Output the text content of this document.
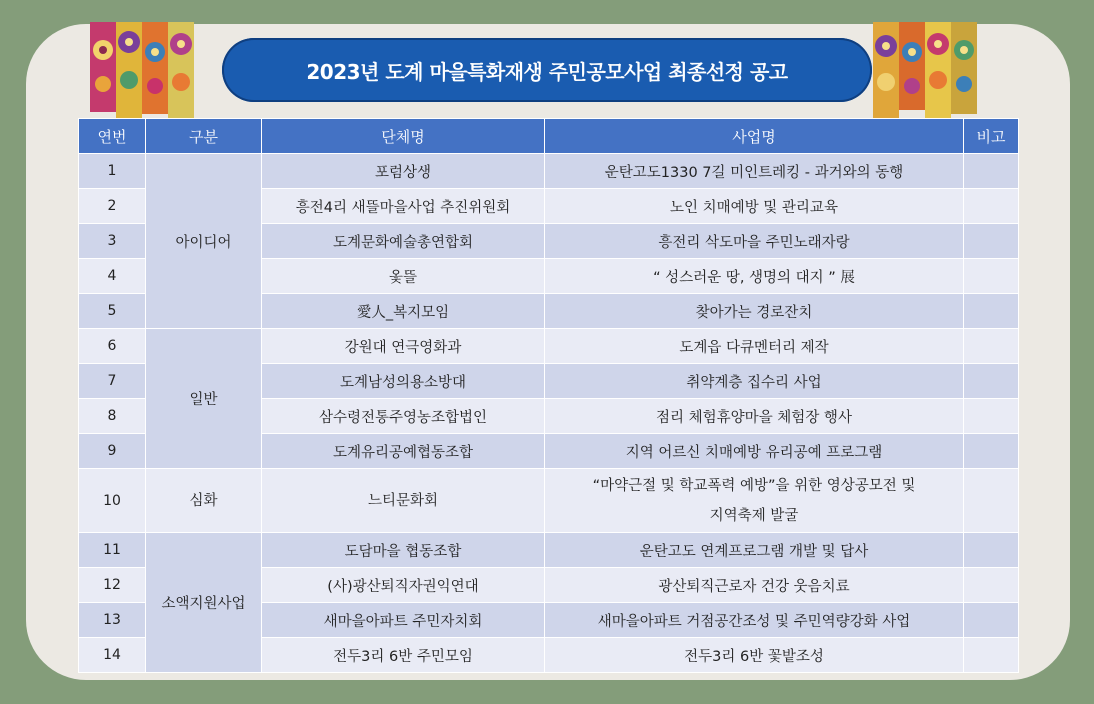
2023년 도계 마을특화재생 주민공모사업 최종선정 공고
연번	구분	단체명	사업명	비고
1	아이디어	포럼상생	운탄고도1330 7길 미인트레킹 - 과거와의 동행	
2		흥전4리 새뜰마을사업 추진위원회	노인 치매예방 및 관리교육	
3		도계문화예술총연합회	흥전리 삭도마을 주민노래자랑	
4		옻뜰	“ 성스러운 땅, 생명의 대지 ” 展	
5		愛人_복지모임	찾아가는 경로잔치	
6	일반	강원대 연극영화과	도계읍 다큐멘터리 제작	
7		도계남성의용소방대	취약계층 집수리 사업	
8		삼수령전통주영농조합법인	점리 체험휴양마을 체험장 행사	
9		도계유리공예협동조합	지역 어르신 치매예방 유리공예 프로그램	
10	심화	느티문화회	“마약근절 및 학교폭력 예방”을 위한 영상공모전 및
지역축제 발굴	

11	소액지원사업	도담마을 협동조합	운탄고도 연계프로그램 개발 및 답사	
12		(사)광산퇴직자권익연대	광산퇴직근로자 건강 웃음치료	
13		새마을아파트 주민자치회	새마을아파트 거점공간조성 및 주민역량강화 사업	
14		전두3리 6반 주민모임	전두3리 6반 꽃밭조성	
